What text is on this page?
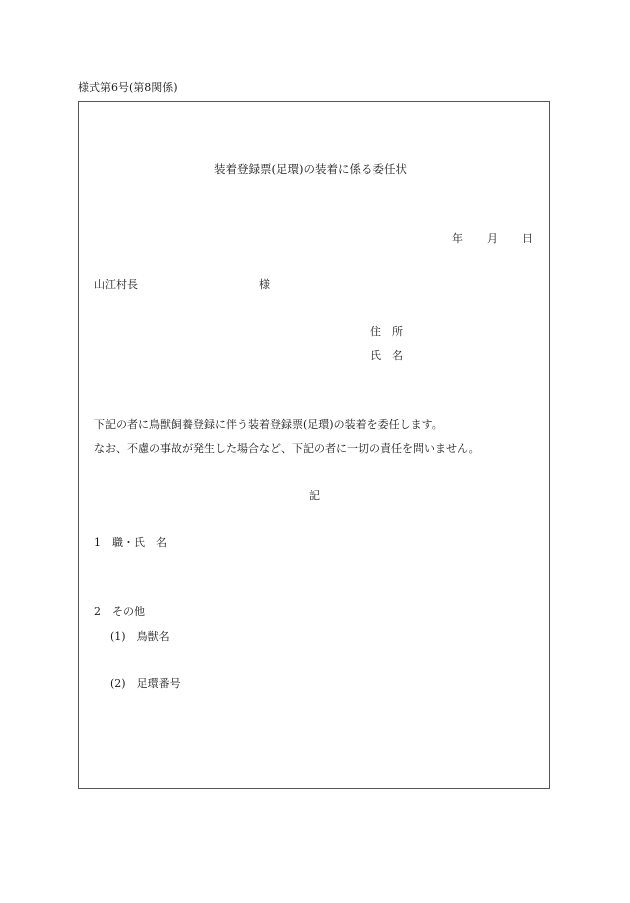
様式第6号(第8関係)
装着登録票(足環)の装着に係る委任状
年 月 日
山江村長	様
住　所
氏　名
下記の者に鳥獣飼養登録に伴う装着登録票(足環)の装着を委任します。
なお、不慮の事故が発生した場合など、下記の者に一切の責任を問いません。
記
1　職・氏　名
2　その他
(1)　鳥獣名
(2)　足環番号
